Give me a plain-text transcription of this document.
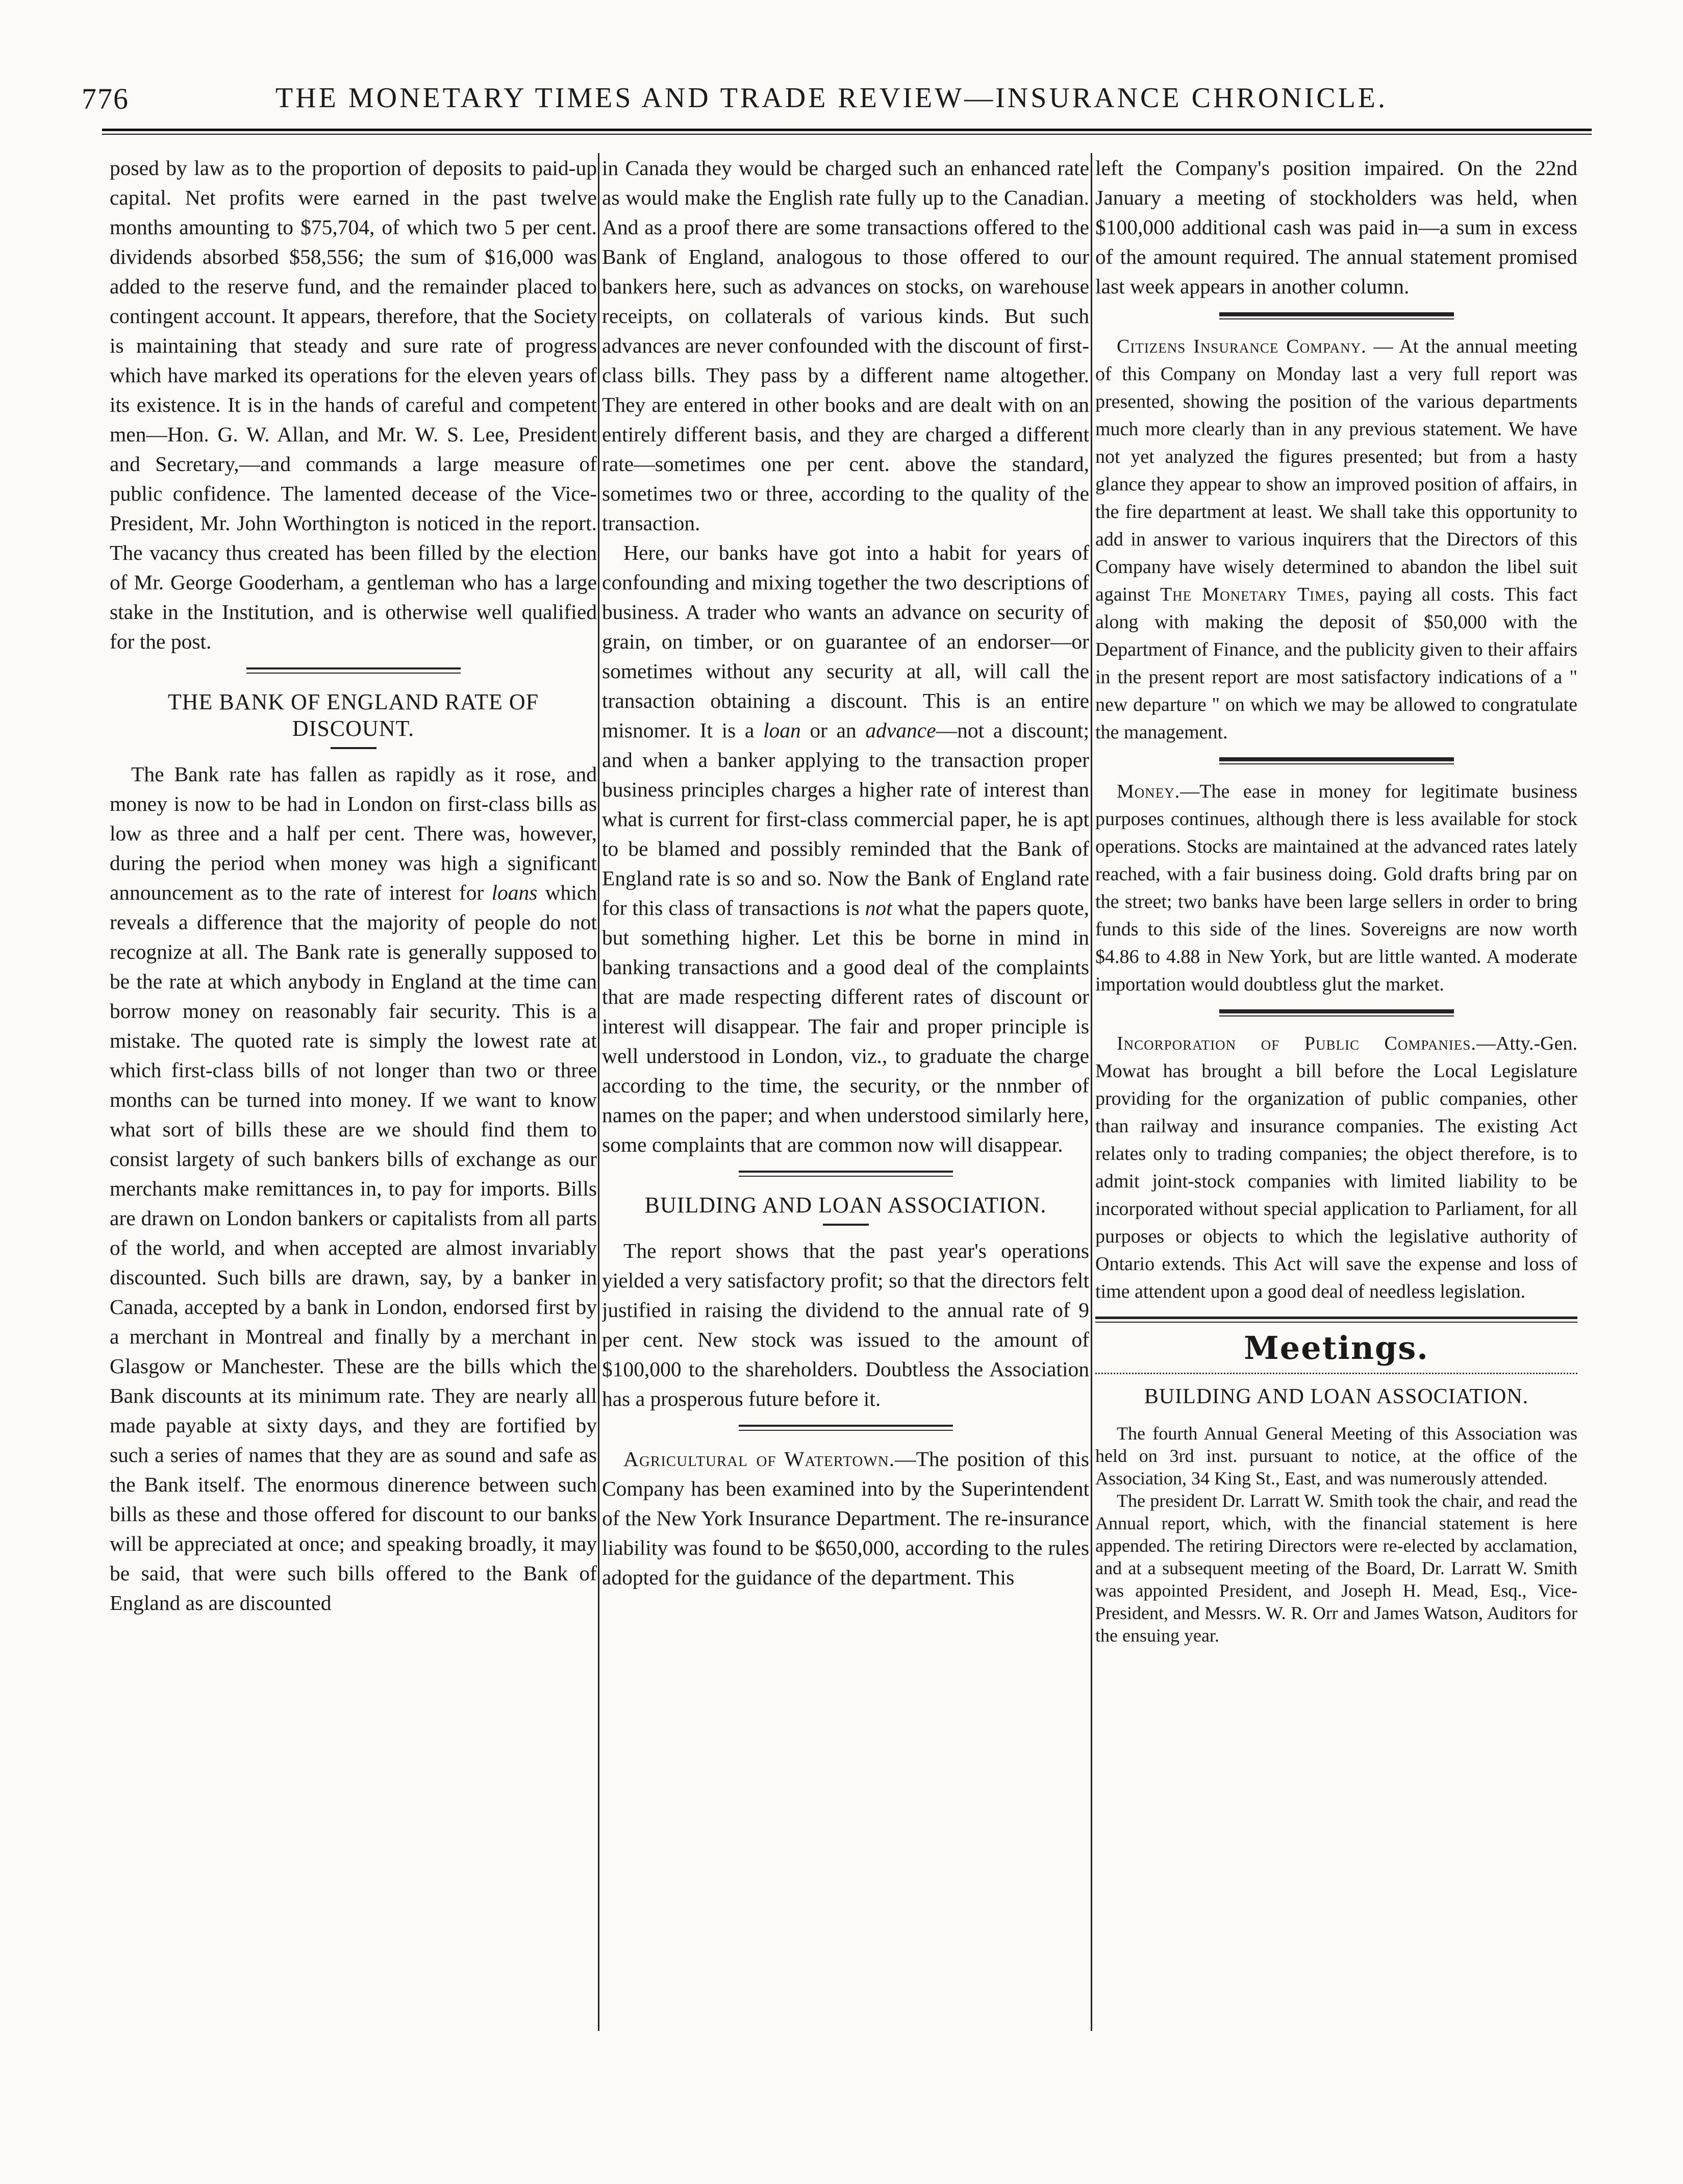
776	THE MONETARY TIMES AND TRADE REVIEW—INSURANCE CHRONICLE.

posed by law as to the proportion of deposits to paid-up capital. Net profits were earned in the past twelve months amounting to $75,704, of which two 5 per cent. dividends absorbed $58,556; the sum of $16,000 was added to the reserve fund, and the remainder placed to contingent account. It appears, therefore, that the Society is maintaining that steady and sure rate of progress which have marked its operations for the eleven years of its existence. It is in the hands of careful and competent men—Hon. G. W. Allan, and Mr. W. S. Lee, President and Secretary,—and commands a large measure of public confidence. The lamented decease of the Vice-President, Mr. John Worthington is noticed in the report. The vacancy thus created has been filled by the election of Mr. George Gooderham, a gentleman who has a large stake in the Institution, and is otherwise well qualified for the post.

THE BANK OF ENGLAND RATE OF DISCOUNT.

The Bank rate has fallen as rapidly as it rose, and money is now to be had in London on first-class bills as low as three and a half per cent. There was, however, during the period when money was high a significant announcement as to the rate of interest for loans which reveals a difference that the majority of people do not recognize at all. The Bank rate is generally supposed to be the rate at which anybody in England at the time can borrow money on reasonably fair security. This is a mistake. The quoted rate is simply the lowest rate at which first-class bills of not longer than two or three months can be turned into money. If we want to know what sort of bills these are we should find them to consist largety of such bankers bills of exchange as our merchants make remittances in, to pay for imports. Bills are drawn on London bankers or capitalists from all parts of the world, and when accepted are almost invariably discounted. Such bills are drawn, say, by a banker in Canada, accepted by a bank in London, endorsed first by a merchant in Montreal and finally by a merchant in Glasgow or Manchester. These are the bills which the Bank discounts at its minimum rate. They are nearly all made payable at sixty days, and they are fortified by such a series of names that they are as sound and safe as the Bank itself. The enormous dinerence between such bills as these and those offered for discount to our banks will be appreciated at once; and speaking broadly, it may be said, that were such bills offered to the Bank of England as are discounted

in Canada they would be charged such an enhanced rate as would make the English rate fully up to the Canadian. And as a proof there are some transactions offered to the Bank of England, analogous to those offered to our bankers here, such as advances on stocks, on warehouse receipts, on collaterals of various kinds. But such advances are never confounded with the discount of first-class bills. They pass by a different name altogether. They are entered in other books and are dealt with on an entirely different basis, and they are charged a different rate—sometimes one per cent. above the standard, sometimes two or three, according to the quality of the transaction.

Here, our banks have got into a habit for years of confounding and mixing together the two descriptions of business. A trader who wants an advance on security of grain, on timber, or on guarantee of an endorser—or sometimes without any security at all, will call the transaction obtaining a discount. This is an entire misnomer. It is a loan or an advance—not a discount; and when a banker applying to the transaction proper business principles charges a higher rate of interest than what is current for first-class commercial paper, he is apt to be blamed and possibly reminded that the Bank of England rate is so and so. Now the Bank of England rate for this class of transactions is not what the papers quote, but something higher. Let this be borne in mind in banking transactions and a good deal of the complaints that are made respecting different rates of discount or interest will disappear. The fair and proper principle is well understood in London, viz., to graduate the charge according to the time, the security, or the nnmber of names on the paper; and when understood similarly here, some complaints that are common now will disappear.

BUILDING AND LOAN ASSOCIATION.

The report shows that the past year's operations yielded a very satisfactory profit; so that the directors felt justified in raising the dividend to the annual rate of 9 per cent. New stock was issued to the amount of $100,000 to the shareholders. Doubtless the Association has a prosperous future before it.

Agricultural of Watertown.—The position of this Company has been examined into by the Superintendent of the New York Insurance Department. The re-insurance liability was found to be $650,000, according to the rules adopted for the guidance of the department. This

left the Company's position impaired. On the 22nd January a meeting of stockholders was held, when $100,000 additional cash was paid in—a sum in excess of the amount required. The annual statement promised last week appears in another column.

Citizens Insurance Company. — At the annual meeting of this Company on Monday last a very full report was presented, showing the position of the various departments much more clearly than in any previous statement. We have not yet analyzed the figures presented; but from a hasty glance they appear to show an improved position of affairs, in the fire department at least. We shall take this opportunity to add in answer to various inquirers that the Directors of this Company have wisely determined to abandon the libel suit against The Monetary Times, paying all costs. This fact along with making the deposit of $50,000 with the Department of Finance, and the publicity given to their affairs in the present report are most satisfactory indications of a " new departure " on which we may be allowed to congratulate the management.

Money.—The ease in money for legitimate business purposes continues, although there is less available for stock operations. Stocks are maintained at the advanced rates lately reached, with a fair business doing. Gold drafts bring par on the street; two banks have been large sellers in order to bring funds to this side of the lines. Sovereigns are now worth $4.86 to 4.88 in New York, but are little wanted. A moderate importation would doubtless glut the market.

Incorporation of Public Companies.—Atty.-Gen. Mowat has brought a bill before the Local Legislature providing for the organization of public companies, other than railway and insurance companies. The existing Act relates only to trading companies; the object therefore, is to admit joint-stock companies with limited liability to be incorporated without special application to Parliament, for all purposes or objects to which the legislative authority of Ontario extends. This Act will save the expense and loss of time attendent upon a good deal of needless legislation.

Meetings.
BUILDING AND LOAN ASSOCIATION.

The fourth Annual General Meeting of this Association was held on 3rd inst. pursuant to notice, at the office of the Association, 34 King St., East, and was numerously attended.

The president Dr. Larratt W. Smith took the chair, and read the Annual report, which, with the financial statement is here appended. The retiring Directors were re-elected by acclamation, and at a subsequent meeting of the Board, Dr. Larratt W. Smith was appointed President, and Joseph H. Mead, Esq., Vice-President, and Messrs. W. R. Orr and James Watson, Auditors for the ensuing year.
